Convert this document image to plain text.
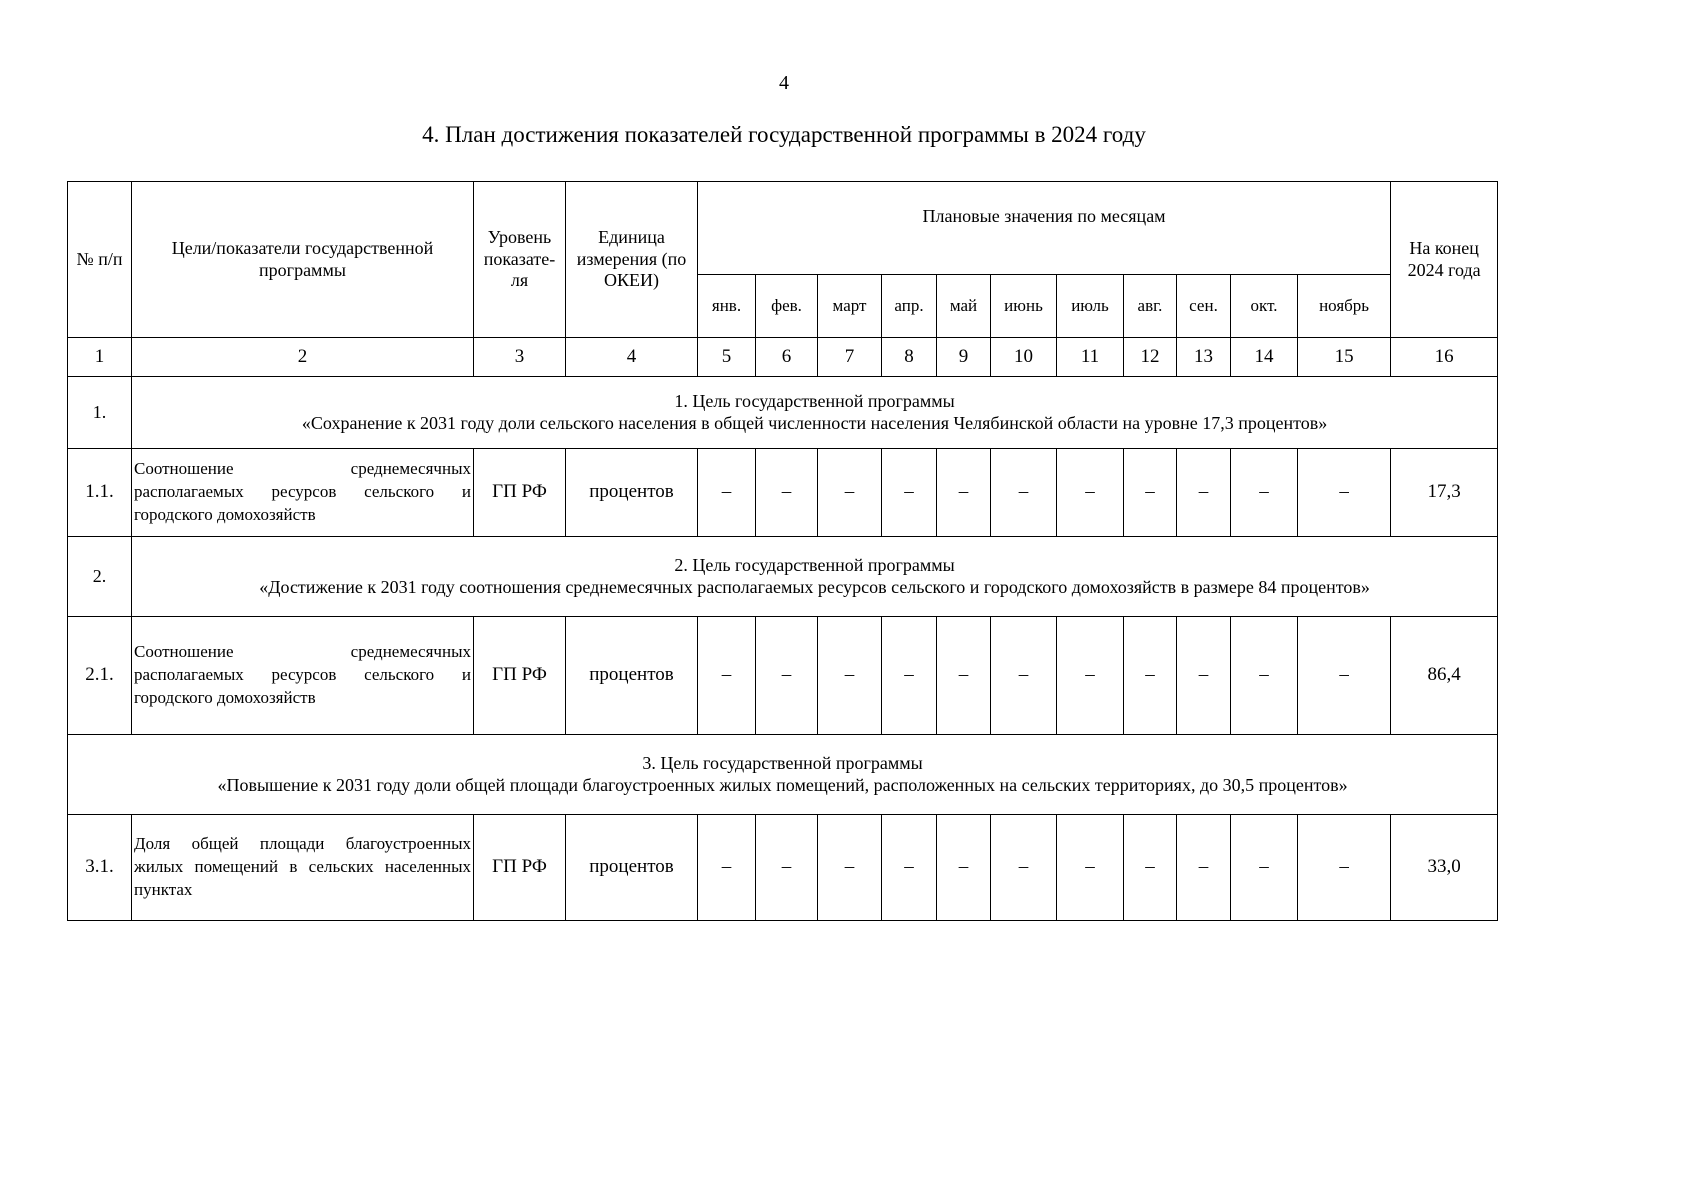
4
4. План достижения показателей государственной программы в 2024 году
№ п/п	Цели/показатели государственной программы	Уровень показате-ля	Единица измерения (по ОКЕИ)	Плановые значения по месяцам											На конец 2024 года
				янв.	фев.	март	апр.	май	июнь	июль	авг.	сен.	окт.	ноябрь	
1	2	3	4	5	6	7	8	9	10	11	12	13	14	15	16
1.	1. Цель государственной программы
«Сохранение к 2031 году доли сельского населения в общей численности населения Челябинской области на уровне 17,3 процентов»														

1.1.	Соотношение среднемесячных располагаемых ресурсов сельского и городского домохозяйств	ГП РФ	процентов	–	–	–	–	–	–	–	–	–	–	–	17,3
2.	2. Цель государственной программы
«Достижение к 2031 году соотношения среднемесячных располагаемых ресурсов сельского и городского домохозяйств в размере 84 процентов»														

2.1.	Соотношение среднемесячных располагаемых ресурсов сельского и городского домохозяйств	ГП РФ	процентов	–	–	–	–	–	–	–	–	–	–	–	86,4

3. Цель государственной программы
«Повышение к 2031 году доли общей площади благоустроенных жилых помещений, расположенных на сельских территориях, до 30,5 процентов»															

3.1.	Доля общей площади благоустроенных жилых помещений в сельских населенных пунктах	ГП РФ	процентов	–	–	–	–	–	–	–	–	–	–	–	33,0
